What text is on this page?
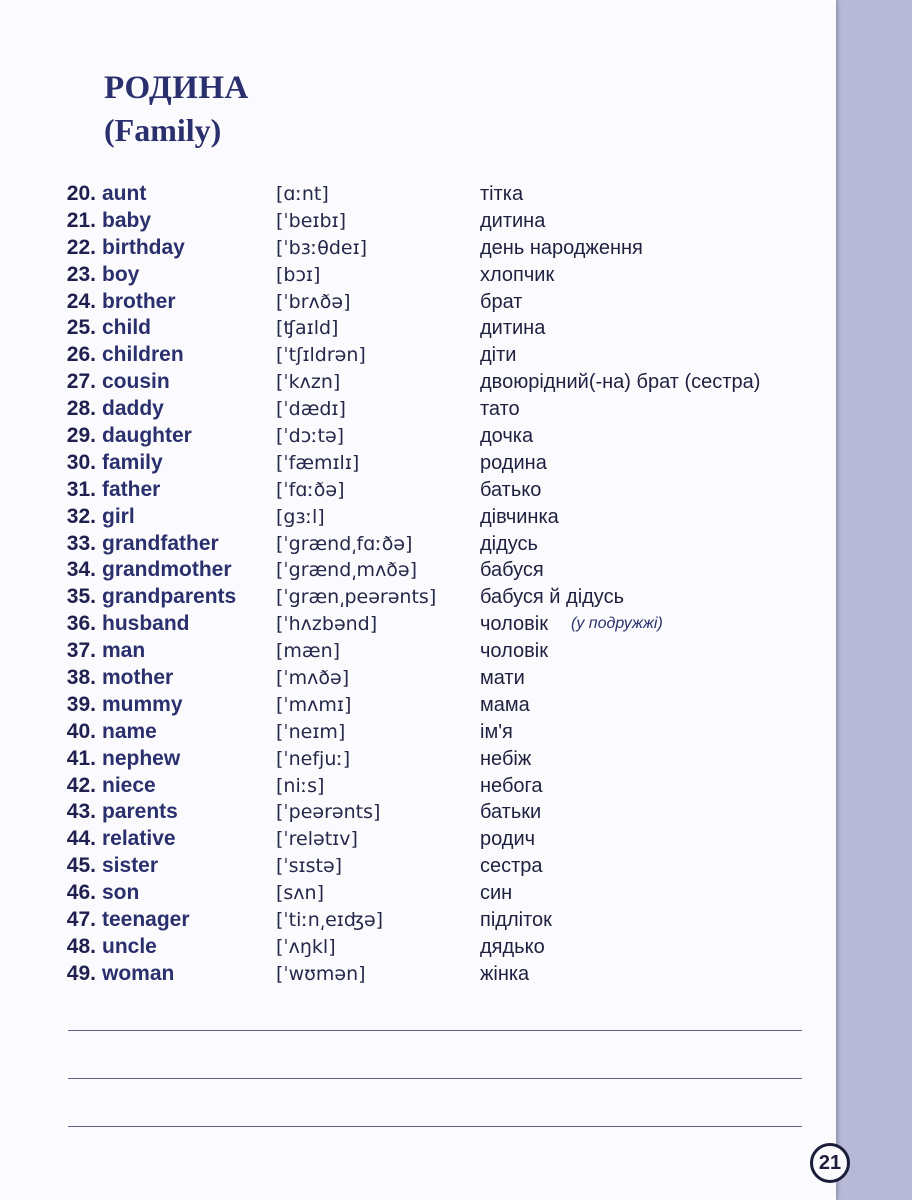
РОДИНА
(Family)
20. aunt	[ɑːnt]	тітка
21. baby	[ˈbeɪbɪ]	дитина
22. birthday	[ˈbɜːθdeɪ]	день народження
23. boy	[bɔɪ]	хлопчик
24. brother	[ˈbrʌðə]	брат
25. child	[ʧaɪld]	дитина
26. children	[ˈtʃɪldrən]	діти
27. cousin	[ˈkʌzn]	двоюрідний(-на) брат (сестра)
28. daddy	[ˈdædɪ]	тато
29. daughter	[ˈdɔːtə]	дочка
30. family	[ˈfæmɪlɪ]	родина
31. father	[ˈfɑːðə]	батько
32. girl	[gɜːl]	дівчинка
33. grandfather	[ˈgrænd͵fɑːðə]	дідусь
34. grandmother [ˈgrænd͵mʌðə]	бабуся
35. grandparents [ˈgræn͵peərənts] бабуся й дідусь
36. husband	[ˈhʌzbənd]	чоловік (у подружжі)
37. man	[mæn]	чоловік
38. mother	[ˈmʌðə]	мати
39. mummy	[ˈmʌmɪ]	мама
40. name	[ˈneɪm]	ім'я
41. nephew	[ˈnefjuː]	небіж
42. niece	[niːs]	небога
43. parents	[ˈpeərənts]	батьки
44. relative	[ˈrelətɪv]	родич
45. sister	[ˈsɪstə]	сестра
46. son	[sʌn]	син
47. teenager	[ˈtiːn͵eɪʤə]	підліток
48. uncle	[ˈʌŋkl]	дядько
49. woman	[ˈwʊmən]	жінка
21
